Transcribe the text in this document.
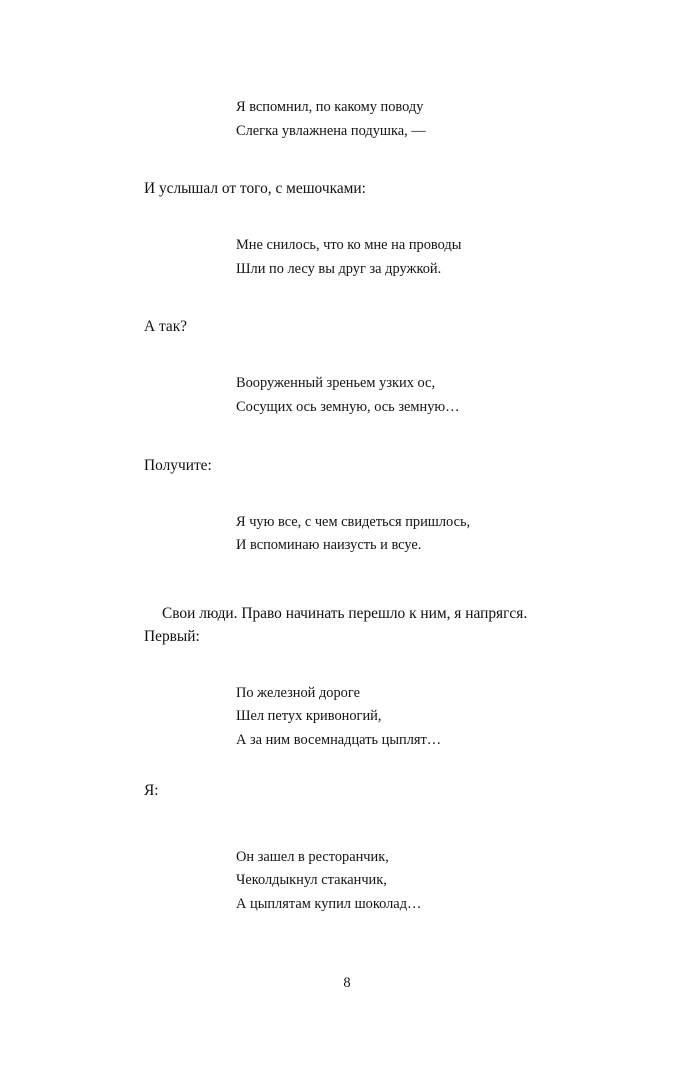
Я вспомнил, по какому поводу
Слегка увлажнена подушка, —

И услышал от того, с мешочками:

Мне снилось, что ко мне на проводы
Шли по лесу вы друг за дружкой.

А так?

Вооруженный зреньем узких ос,
Сосущих ось земную, ось земную…

Получите:

Я чую все, с чем свидеться пришлось,
И вспоминаю наизусть и всуе.

Свои люди. Право начинать перешло к ним, я напрягся.

Первый:

По железной дороге
Шел петух кривоногий,
А за ним восемнадцать цыплят…

Я:

Он зашел в ресторанчик,
Чеколдыкнул стаканчик,
А цыплятам купил шоколад…

8
